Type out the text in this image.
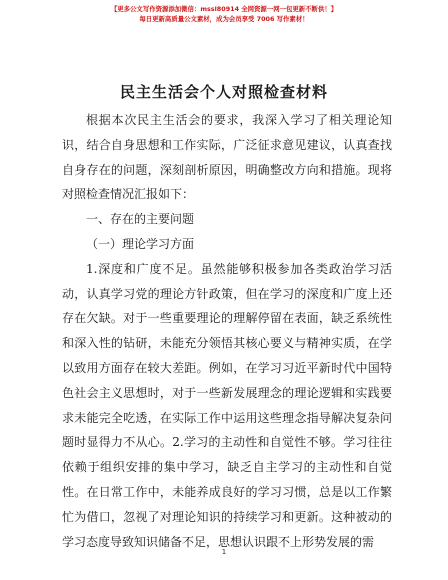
【更多公文写作资源添加微信：mssl80914 全网资源一网一包更新不断供！】
每日更新高质量公文素材，成为会员享受 7006 写作素材！
民主生活会个人对照检查材料

根据本次民主生活会的要求，我深入学习了相关理论知识，结合自身思想和工作实际，广泛征求意见建议，认真查找自身存在的问题，深刻剖析原因，明确整改方向和措施。现将对照检查情况汇报如下：

一、存在的主要问题

（一）理论学习方面

1.深度和广度不足。虽然能够积极参加各类政治学习活动，认真学习党的理论方针政策，但在学习的深度和广度上还存在欠缺。对于一些重要理论的理解停留在表面，缺乏系统性和深入性的钻研，未能充分领悟其核心要义与精神实质，在学以致用方面存在较大差距。例如，在学习习近平新时代中国特色社会主义思想时，对于一些新发展理念的理论逻辑和实践要求未能完全吃透，在实际工作中运用这些理念指导解决复杂问题时显得力不从心。2.学习的主动性和自觉性不够。学习往往依赖于组织安排的集中学习，缺乏自主学习的主动性和自觉性。在日常工作中，未能养成良好的学习习惯，总是以工作繁忙为借口，忽视了对理论知识的持续学习和更新。这种被动的学习态度导致知识储备不足，思想认识跟不上形势发展的需

1
